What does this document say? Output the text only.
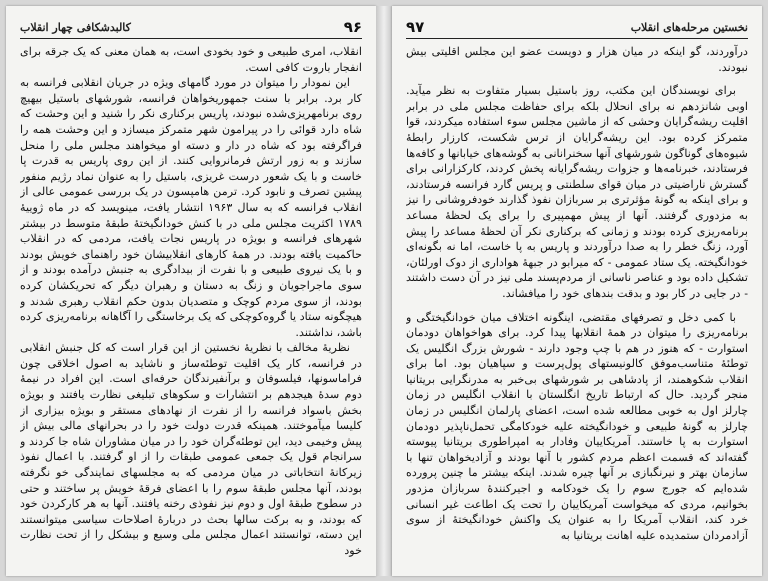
کالبدشکافی چهار انقلاب	۹۶

انقلاب، امری طبیعی و خود بخودی است، به همان معنی که یک جرقه برای انفجار باروت کافی است.

این نمودار را میتوان در مورد گامهای ویژه در جریان انقلابی فرانسه به کار برد. برابر با سنت جمهوریخواهان فرانسه، شورشهای باستیل بیهیچ روی برنامهریزی‌شده نبودند، پاریس برکناری نکر را شنید و این وحشت که شاه دارد قوائی را در پیرامون شهر متمرکز میسازد و این وحشت همه را فراگرفته بود که شاه در دار و دسته او میخواهند مجلس ملی را منحل سازند و به زور ارتش فرمانروایی کنند. از این روی پاریس به قدرت پا خاست و با یک شعور درست غریزی، باستیل را به عنوان نماد رژیم منفور پیشین تصرف و نابود کرد. ترمن هامپسون در یک بررسی عمومی عالی از انقلاب فرانسه که به سال ۱۹۶۳ انتشار یافت، مینویسد که در ماه ژوییهٔ ۱۷۸۹ اکثریت مجلس ملی در با کنش خودانگیختهٔ طبقهٔ متوسط در بیشتر شهرهای فرانسه و بویژه در پاریس نجات یافت، مردمی که در انقلاب حاکمیت یافته بودند. در همهٔ کارهای انقلابیشان خود راهنمای خویش بودند و با یک نیروی طبیعی و با نفرت از بیدادگری به جنبش درآمده بودند و از سوی ماجراجویان و زنگ به دستان و رهبران دیگر که تحریکشان کرده بودند، از سوی مردم کوچک و متصدیان بدون حکم انقلاب رهبری شدند و هیچگونه ستاد یا گروه‌کوچکی که یک برخاستگی را آگاهانه برنامه‌ریزی کرده باشد، نداشتند.

نظریهٔ مخالف با نظریهٔ نخستین از این قرار است که کل جنبش انقلابی در فرانسه، کار یک اقلیت توطئه‌ساز و ناشاید به اصول اخلاقی چون فراماسونها، فیلسوفان و برآنفیرندگان حرفه‌ای است. این افراد در نیمهٔ دوم سدهٔ هیجدهم بر انتشارات و سکوهای تبلیغی نظارت یافتند و بویژه بخش باسواد فرانسه را از نفرت از نهادهای مستقر و بویژه بیزاری از کلیسا میآموختند. همینکه قدرت دولت خود را در بحرانهای مالی بیش از پیش وخیمی دید، این توطئه‌گران خود را در میان مشاوران شاه جا کردند و سرانجام قول یک جمعی عمومی طبقات را از او گرفتند. با اعمال نفوذ زیرکانهٔ انتخاباتی در میان مردمی که به مجلسهای نمایندگی خو نگرفته بودند، آنها مجلس طبقهٔ سوم را با اعضای فرقهٔ خویش پر ساختند و حتی در سطوح طبقهٔ اول و دوم نیز نفوذی رخنه یافتند. آنها به هر کارکردن خود که بودند، و به برکت سالها بحث در دربارهٔ اصلاحات سیاسی میتوانستند این دسته، توانستند اعمال مجلس ملی وسیع و بیشکل را از تحت نظارت خود

۹۷	نخستین مرحله‌های انقلاب

درآوردند، گو اینکه در میان هزار و دویست عضو این مجلس اقلیتی بیش نبودند.

برای نویسندگان این مکتب، روز باستیل بسیار متفاوت به نظر میآید. اوبی شانزدهم نه برای انحلال بلکه برای حفاظت مجلس ملی در برابر اقلیت ریشه‌گرایان وحشی که از ماشین مجلس سوء استفاده میکردند، قوا متمرکز کرده بود. این ریشه‌گرایان از ترس شکست، کارزار رابطهٔ شیوه‌های گوناگون شورشهای آنها سخنرانانی به گوشه‌های خیابانها و کافه‌ها فرستادند، خبرنامه‌ها و جزوات ریشه‌گرایانه پخش کردند، کارکزارانی برای گسترش ناراضیتی در میان قوای سلطنتی و پریس گارد فرانسه فرستادند، و برای اینکه به گونهٔ مؤثرتری بر سربازان نفوذ گذارند خودفروشانی را نیز به مزدوری گرفتند. آنها از پیش مهمپیری را برای یک لحظهٔ مساعد برنامه‌ریزی کرده بودند و زمانی که برکناری نکر آن لحظهٔ مساعد را پیش آورد، زنگ خطر را به صدا درآوردند و پاریس به پا خاست، اما نه بگونه‌ای خودانگیخته. یک ستاد عمومی - که میرابو در جبههٔ هواداری از دوک اورلئان، تشکیل داده بود و عناصر ناسانی از مردم‌پسند ملی نیز در آن دست داشتند - در جایی در کار بود و بدقت بندهای خود را میافشاند.

با کمی دخل و تصرفهای مقتضی، اینگونه اختلاف میان خودانگیختگی و برنامه‌ریزی را میتوان در همهٔ انقلابها پیدا کرد. برای هواخواهان دودمان استوارت - که هنوز در هم با چپ وجود دارند - شورش بزرگ انگلیس یک توطئهٔ متناسب‌موفق کالونیستهای پول‌پرست و سپاهیان بود. اما برای انقلاب شکوهمند، از پادشاهی بر شورشهای بی‌خبر به مدرنگرایی بریتانیا منجر گردید. حال که ارتباط تاریخ انگلستان با انقلاب انگلیس در زمان چارلز اول به خوبی مطالعه شده است، اعضای پارلمان انگلیس در زمان چارلز به گونهٔ طبیعی و خودانگیخته علیه خودکامگی تحمل‌ناپذیر دودمان استوارت به پا خاستند. آمریکاییان وفادار به امپراطوری بریتانیا پیوسته گفته‌اند که قسمت اعظم مردم کشور با آنها بودند و آزادیخواهان تنها با سازمان بهتر و نیرنگبازی بر آنها چیره شدند. اینکه بیشتر ما چنین پرورده شده‌ایم که جورج سوم را یک خودکامه و اجیرکنندهٔ سربازان مزدور بخوانیم، مردی که میخواست آمریکاییان را تحت یک اطاعت غیر انسانی خرد کند، انقلاب آمریکا را به عنوان یک واکنش خودانگیختهٔ از سوی آزادمردان ستمدیده علیه اهانت بریتانیا به
